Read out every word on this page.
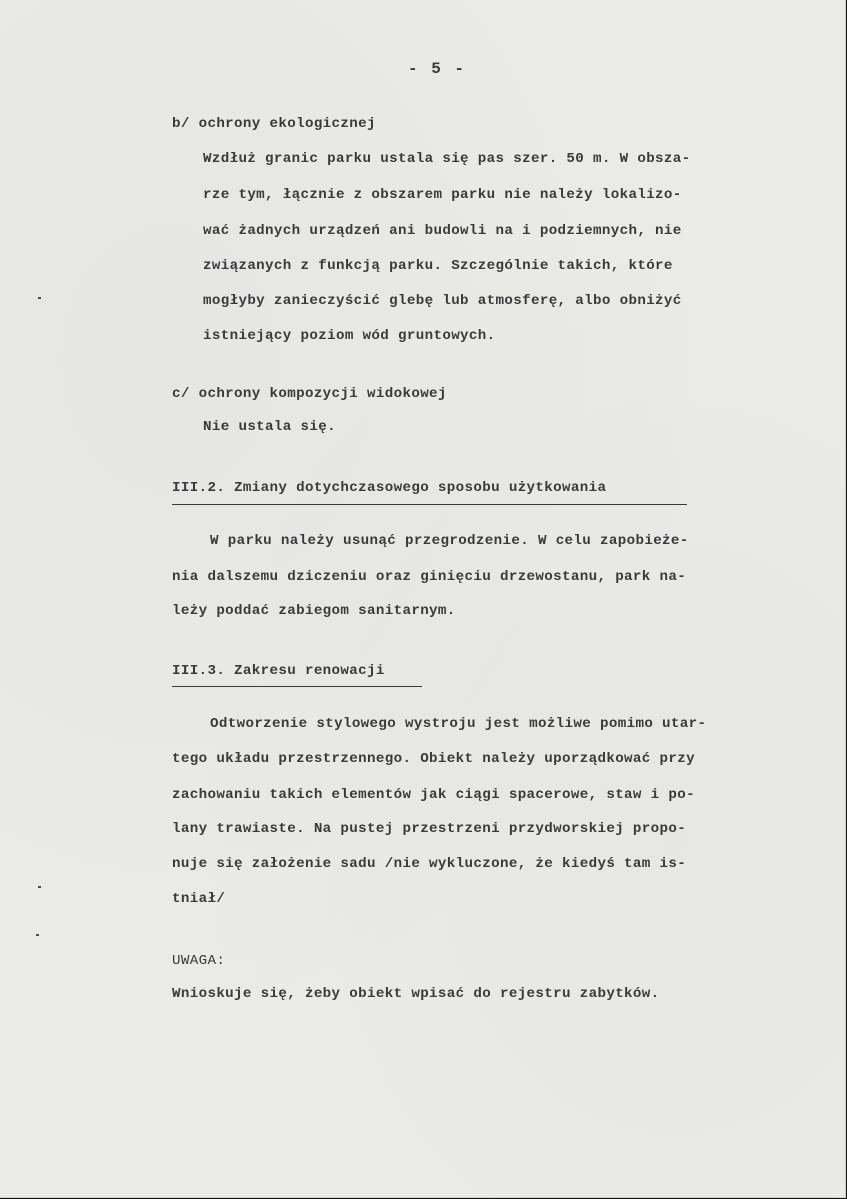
- 5 -
b/ ochrony ekologicznej
Wzdłuż granic parku ustala się pas szer. 50 m. W obsza-
rze tym, łącznie z obszarem parku nie należy lokalizo-
wać żadnych urządzeń ani budowli na i podziemnych, nie
związanych z funkcją parku. Szczególnie takich, które
mogłyby zanieczyścić glebę lub atmosferę, albo obniżyć
istniejący poziom wód gruntowych.
c/ ochrony kompozycji widokowej
Nie ustala się.
III.2. Zmiany dotychczasowego sposobu użytkowania
W parku należy usunąć przegrodzenie. W celu zapobieże-
nia dalszemu dziczeniu oraz ginięciu drzewostanu, park na-
leży poddać zabiegom sanitarnym.
III.3. Zakresu renowacji
Odtworzenie stylowego wystroju jest możliwe pomimo utar-
tego układu przestrzennego. Obiekt należy uporządkować przy
zachowaniu takich elementów jak ciągi spacerowe, staw i po-
lany trawiaste. Na pustej przestrzeni przydworskiej propo-
nuje się założenie sadu /nie wykluczone, że kiedyś tam is-
tniał/
UWAGA:
Wnioskuje się, żeby obiekt wpisać do rejestru zabytków.
